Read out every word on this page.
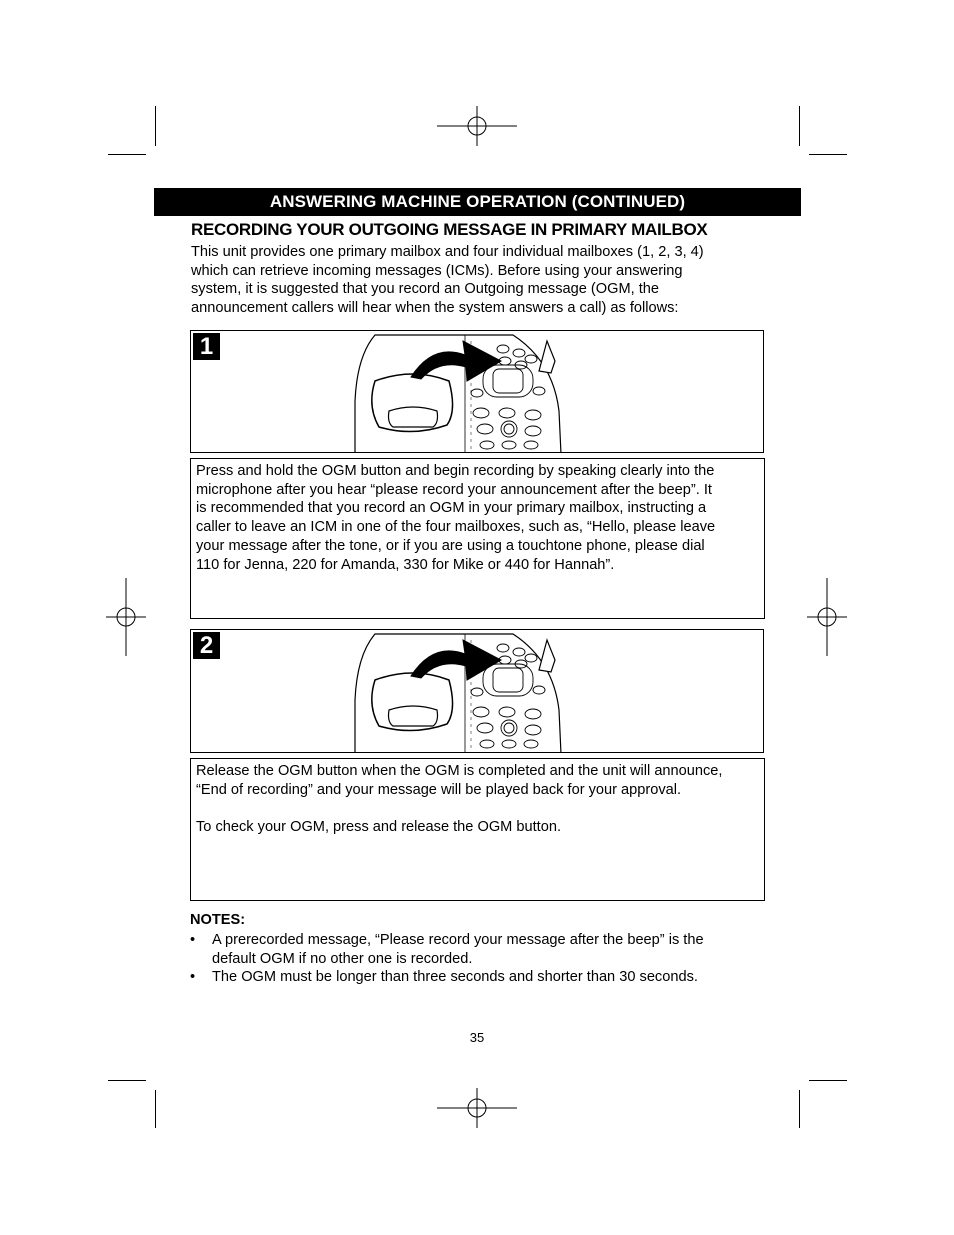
ANSWERING MACHINE OPERATION (CONTINUED)
RECORDING YOUR OUTGOING MESSAGE IN PRIMARY MAILBOX
This unit provides one primary mailbox and four individual mailboxes (1, 2, 3, 4)
which can retrieve incoming messages (ICMs). Before using your answering
system, it is suggested that you record an Outgoing message (OGM, the
announcement callers will hear when the system answers a call) as follows:
1

Press and hold the OGM button and begin recording by speaking clearly into the

microphone after you hear “please record your announcement after the beep”. It

is recommended that you record an OGM in your primary mailbox, instructing a

caller to leave an ICM in one of the four mailboxes, such as, “Hello, please leave

your message after the tone, or if you are using a touchtone phone, please dial

110 for Jenna, 220 for Amanda, 330 for Mike or 440 for Hannah”.

2

Release the OGM button when the OGM is completed and the unit will announce,

“End of recording” and your message will be played back for your approval.

To check your OGM, press and release the OGM button.

NOTES:
• A prerecorded message, “Please record your message after the beep” is the
default OGM if no other one is recorded.
• The OGM must be longer than three seconds and shorter than 30 seconds.
35
